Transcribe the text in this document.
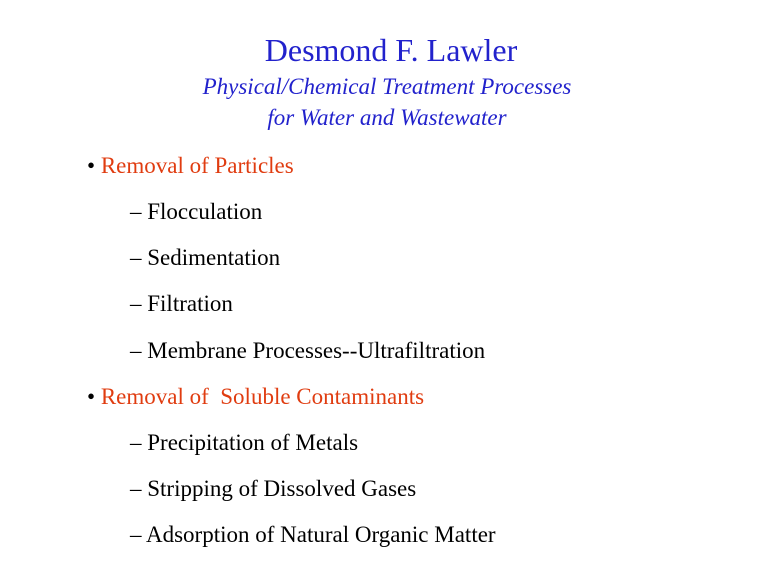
Desmond F. Lawler
Physical/Chemical Treatment Processes
for Water and Wastewater
• Removal of Particles
– Flocculation
– Sedimentation
– Filtration
– Membrane Processes--Ultrafiltration
• Removal of  Soluble Contaminants
– Precipitation of Metals
– Stripping of Dissolved Gases
– Adsorption of Natural Organic Matter
